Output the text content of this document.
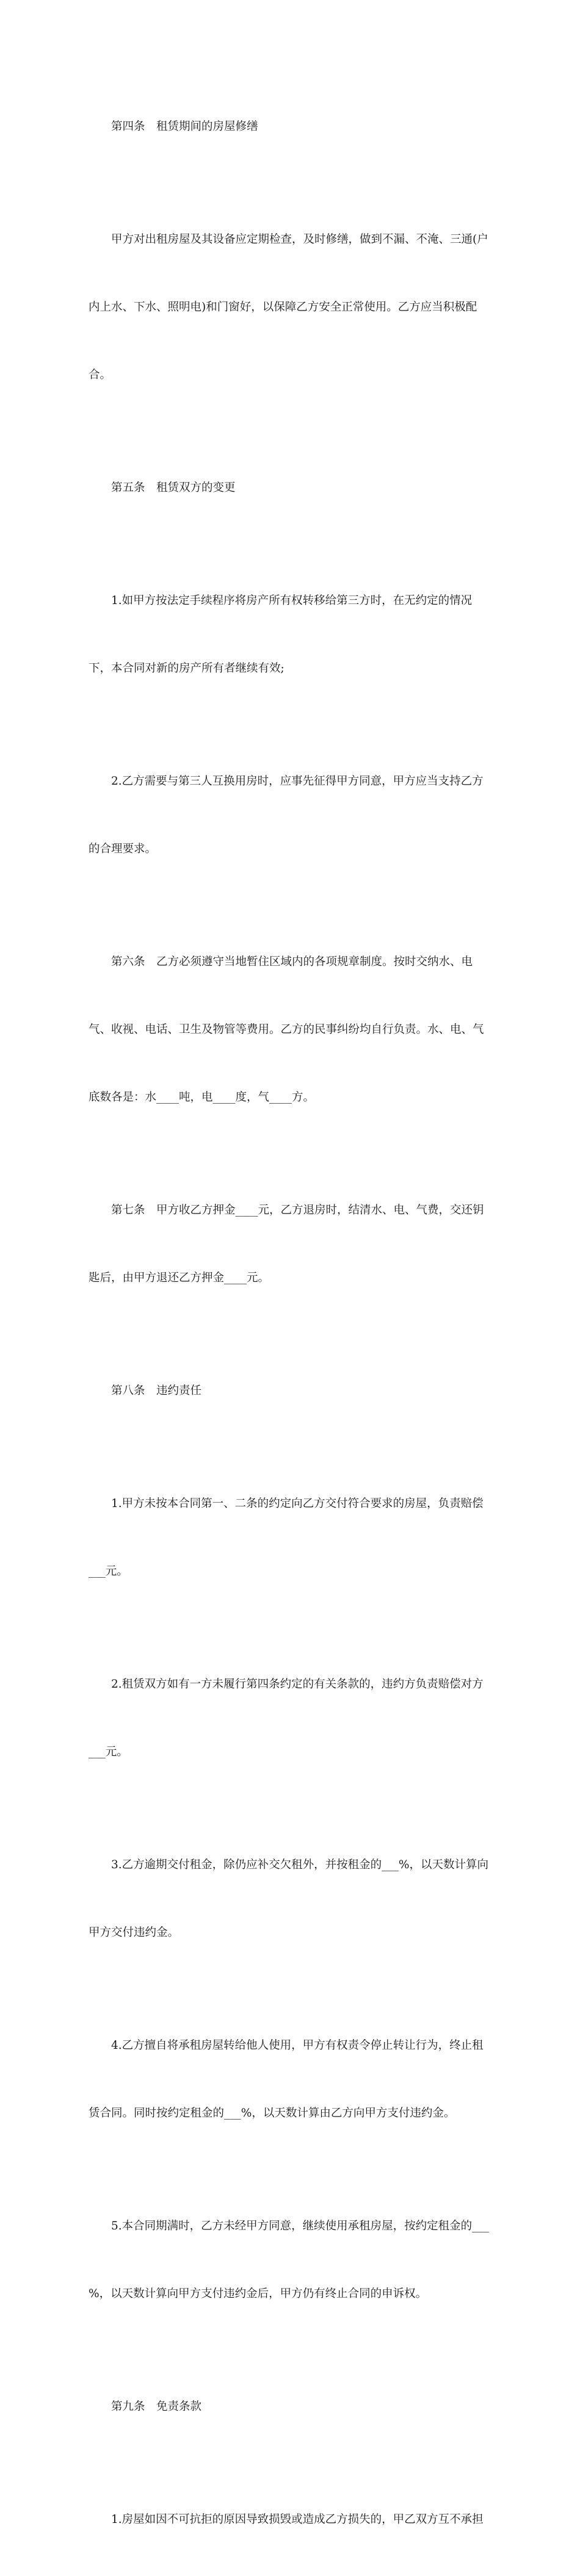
第四条　租赁期间的房屋修缮

甲方对出租房屋及其设备应定期检查，及时修缮，做到不漏、不淹、三通(户

内上水、下水、照明电)和门窗好，以保障乙方安全正常使用。乙方应当积极配

合。

第五条　租赁双方的变更

1.如甲方按法定手续程序将房产所有权转移给第三方时，在无约定的情况

下，本合同对新的房产所有者继续有效;

2.乙方需要与第三人互换用房时，应事先征得甲方同意，甲方应当支持乙方

的合理要求。

第六条　乙方必须遵守当地暂住区域内的各项规章制度。按时交纳水、电

气、收视、电话、卫生及物管等费用。乙方的民事纠纷均自行负责。水、电、气

底数各是：水____吨，电____度，气____方。

第七条　甲方收乙方押金____元，乙方退房时，结清水、电、气费，交还钥

匙后，由甲方退还乙方押金____元。

第八条　违约责任

1.甲方未按本合同第一、二条的约定向乙方交付符合要求的房屋，负责赔偿

___元。

2.租赁双方如有一方未履行第四条约定的有关条款的，违约方负责赔偿对方

___元。

3.乙方逾期交付租金，除仍应补交欠租外，并按租金的___%，以天数计算向

甲方交付违约金。

4.乙方擅自将承租房屋转给他人使用，甲方有权责令停止转让行为，终止租

赁合同。同时按约定租金的___%，以天数计算由乙方向甲方支付违约金。

5.本合同期满时，乙方未经甲方同意，继续使用承租房屋，按约定租金的___

%，以天数计算向甲方支付违约金后，甲方仍有终止合同的申诉权。

第九条　免责条款

1.房屋如因不可抗拒的原因导致损毁或造成乙方损失的，甲乙双方互不承担
